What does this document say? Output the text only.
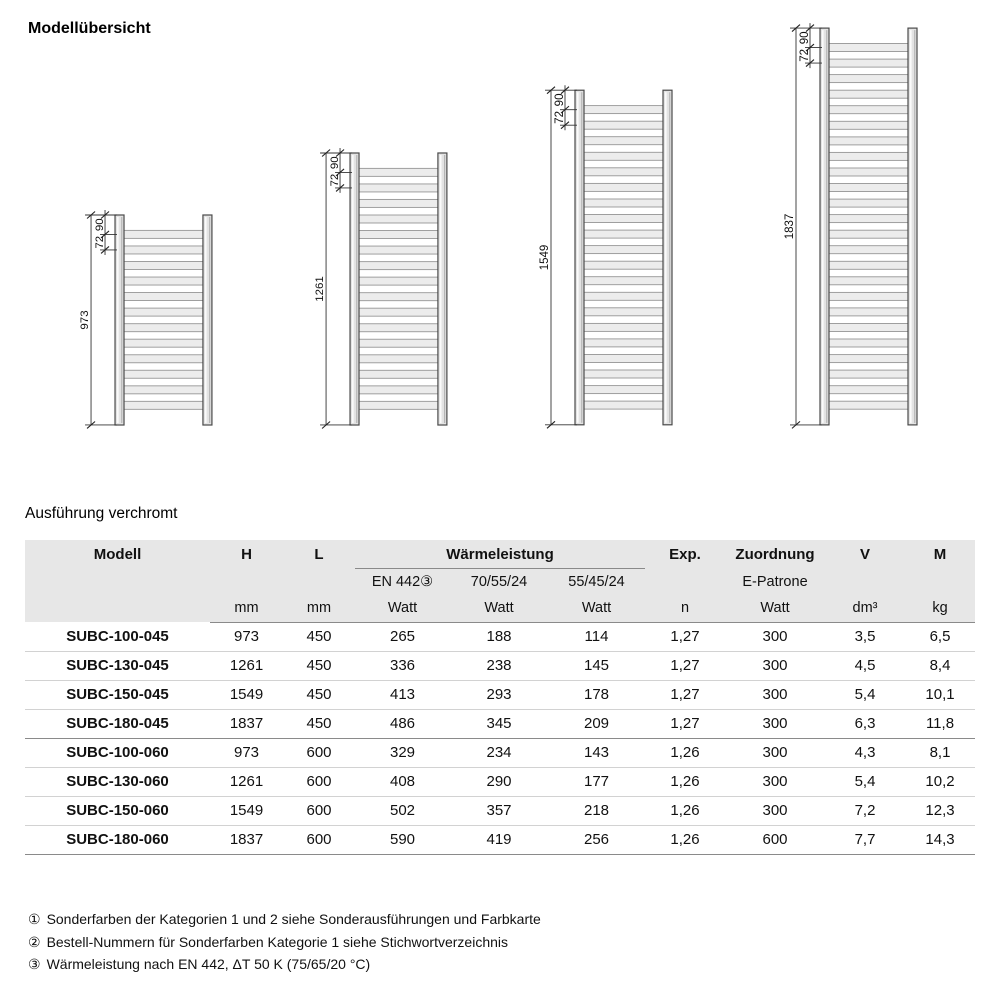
Modellübersicht
90
72
973
90
72
1261
90
72
1549
90
72
1837
Ausführung verchromt
Modell	H	L	Wärmeleistung			Exp.	Zuordnung	V	M
			EN 442③	70/55/24	55/45/24		E-Patrone		
	mm	mm	Watt	Watt	Watt	n	Watt	dm³	kg
SUBC-100-045	973	450	265	188	114	1,27	300	3,5	6,5
SUBC-130-045	1261	450	336	238	145	1,27	300	4,5	8,4
SUBC-150-045	1549	450	413	293	178	1,27	300	5,4	10,1
SUBC-180-045	1837	450	486	345	209	1,27	300	6,3	11,8
SUBC-100-060	973	600	329	234	143	1,26	300	4,3	8,1
SUBC-130-060	1261	600	408	290	177	1,26	300	5,4	10,2
SUBC-150-060	1549	600	502	357	218	1,26	300	7,2	12,3
SUBC-180-060	1837	600	590	419	256	1,26	600	7,7	14,3
① Sonderfarben der Kategorien 1 und 2 siehe Sonderausführungen und Farbkarte
② Bestell-Nummern für Sonderfarben Kategorie 1 siehe Stichwortverzeichnis
③ Wärmeleistung nach EN 442, ΔT 50 K (75/65/20 °C)
